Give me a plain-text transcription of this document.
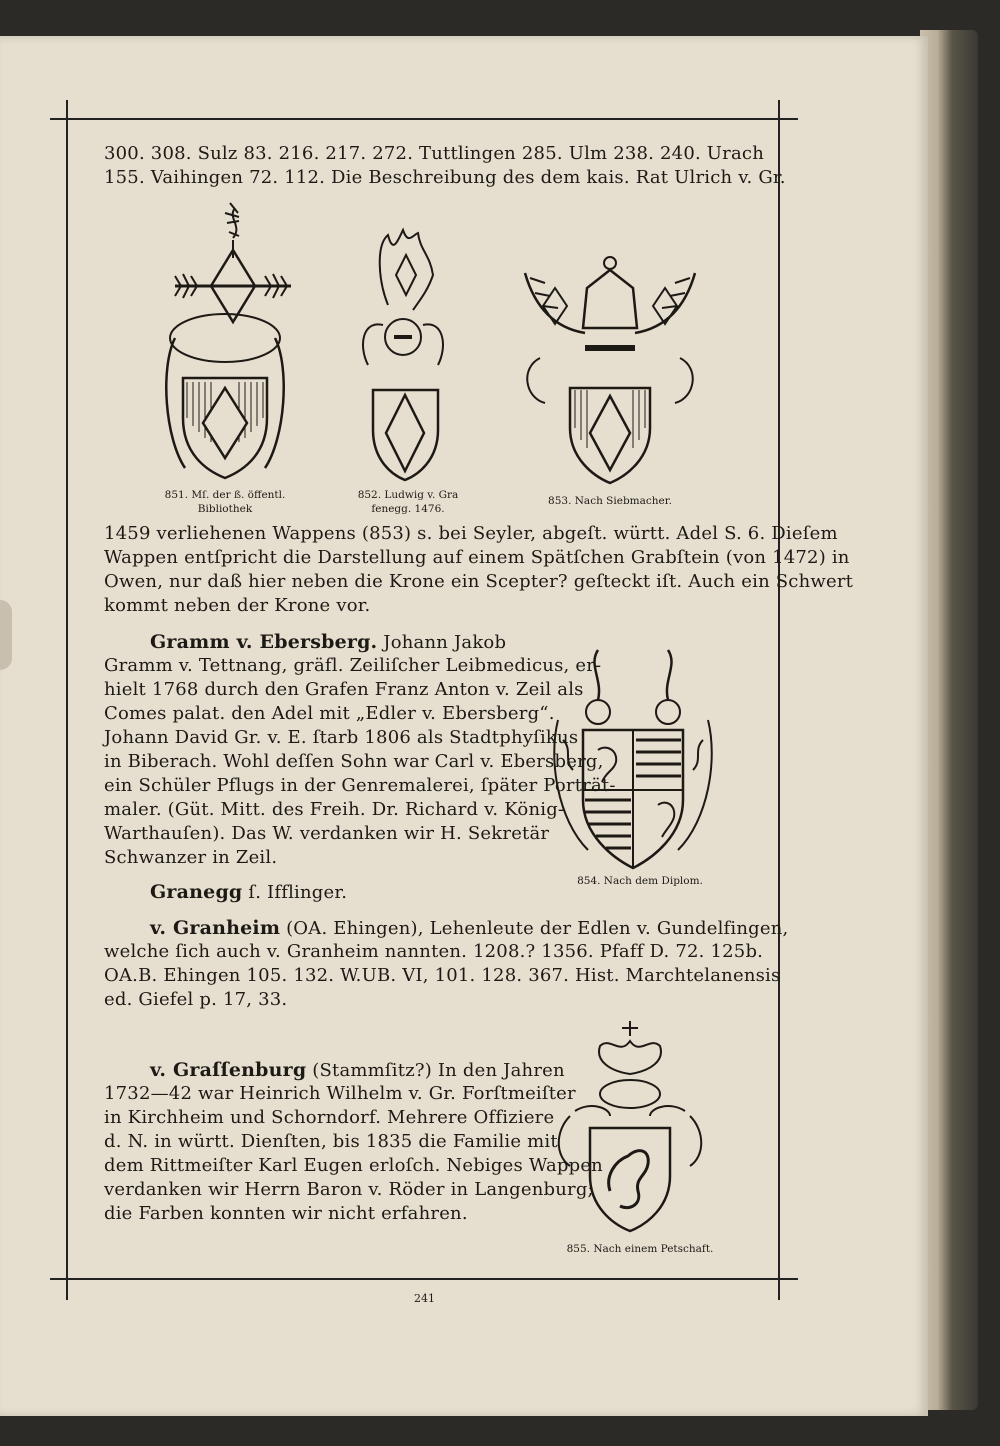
300. 308. Sulz 83. 216. 217. 272. Tuttlingen 285. Ulm 238. 240. Urach
155. Vaihingen 72. 112. Die Beschreibung des dem kais. Rat Ulrich v. Gr.
851. Mſ. der ß. öffentl.
Bibliothek
852. Ludwig v. Gra
fenegg. 1476.
853. Nach Siebmacher.
1459 verliehenen Wappens (853) s. bei Seyler, abgeſt. württ. Adel S. 6. Dieſem
Wappen entſpricht die Darstellung auf einem Spätſchen Grabſtein (von 1472) in
Owen, nur daß hier neben die Krone ein Scepter? geſteckt iſt. Auch ein Schwert
kommt neben der Krone vor.
Gramm v. Ebersberg. Johann Jakob
Gramm v. Tettnang, gräfl. Zeiliſcher Leibmedicus, er-
hielt 1768 durch den Grafen Franz Anton v. Zeil als
Comes palat. den Adel mit „Edler v. Ebersberg“.
Johann David Gr. v. E. ſtarb 1806 als Stadtphyſikus
in Biberach. Wohl deſſen Sohn war Carl v. Ebersberg,
ein Schüler Pflugs in der Genremalerei, ſpäter Porträt-
maler. (Güt. Mitt. des Freih. Dr. Richard v. König-
Warthauſen). Das W. verdanken wir H. Sekretär
Schwanzer in Zeil.
854. Nach dem Diplom.
Granegg ſ. Ifflinger.
v. Granheim (OA. Ehingen), Lehenleute der Edlen v. Gundelfingen,
welche ſich auch v. Granheim nannten. 1208.? 1356. Pfaff D. 72. 125b.
OA.B. Ehingen 105. 132. W.UB. VI, 101. 128. 367. Hist. Marchtelanensis
ed. Giefel p. 17, 33.
v. Graſſenburg (Stammſitz?) In den Jahren
1732—42 war Heinrich Wilhelm v. Gr. Forſtmeiſter
in Kirchheim und Schorndorf. Mehrere Offiziere
d. N. in württ. Dienſten, bis 1835 die Familie mit
dem Rittmeiſter Karl Eugen erloſch. Nebiges Wappen
verdanken wir Herrn Baron v. Röder in Langenburg;
die Farben konnten wir nicht erfahren.
855. Nach einem Petschaft.
241
